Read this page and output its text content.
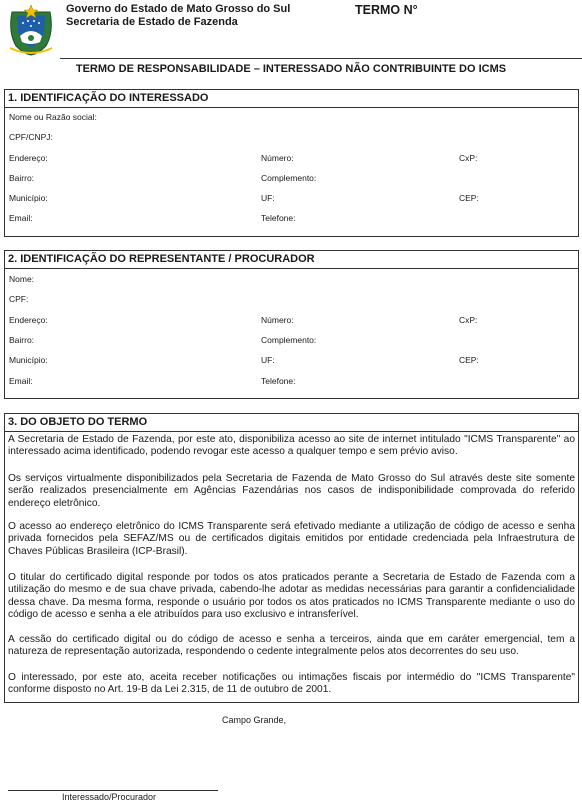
Governo do Estado de Mato Grosso do Sul
Secretaria de Estado de Fazenda
TERMO N°
TERMO DE RESPONSABILIDADE – INTERESSADO NÃO CONTRIBUINTE DO ICMS
1. IDENTIFICAÇÃO DO INTERESSADO
Nome ou Razão social:
CPF/CNPJ:
Endereço:	Número:	CxP:
Bairro:	Complemento:
Município:	UF:	CEP:
Email:	Telefone:
2. IDENTIFICAÇÃO DO REPRESENTANTE / PROCURADOR
Nome:
CPF:
Endereço:	Número:	CxP:
Bairro:	Complemento:
Município:	UF:	CEP:
Email:	Telefone:
3. DO OBJETO DO TERMO

A Secretaria de Estado de Fazenda, por este ato, disponibiliza acesso ao site de internet intitulado "ICMS Transparente" ao interessado acima identificado, podendo revogar este acesso a qualquer tempo e sem prévio aviso.

Os serviços virtualmente disponibilizados pela Secretaria de Fazenda de Mato Grosso do Sul através deste site somente serão realizados presencialmente em Agências Fazendárias nos casos de indisponibilidade comprovada do referido endereço eletrônico.

O acesso ao endereço eletrônico do ICMS Transparente será efetivado mediante a utilização de código de acesso e senha privada fornecidos pela SEFAZ/MS ou de certificados digitais emitidos por entidade credenciada pela Infraestrutura de Chaves Públicas Brasileira (ICP-Brasil).

O titular do certificado digital responde por todos os atos praticados perante a Secretaria de Estado de Fazenda com a utilização do mesmo e de sua chave privada, cabendo-lhe adotar as medidas necessárias para garantir a confidencialidade dessa chave. Da mesma forma, responde o usuário por todos os atos praticados no ICMS Transparente mediante o uso do código de acesso e senha a ele atribuídos para uso exclusivo e intransferível.

A cessão do certificado digital ou do código de acesso e senha a terceiros, ainda que em caráter emergencial, tem a natureza de representação autorizada, respondendo o cedente integralmente pelos atos decorrentes do seu uso.

O interessado, por este ato, aceita receber notificações ou intimações fiscais por intermédio do "ICMS Transparente" conforme disposto no Art. 19-B da Lei 2.315, de 11 de outubro de 2001.

Campo Grande,
Interessado/Procurador
